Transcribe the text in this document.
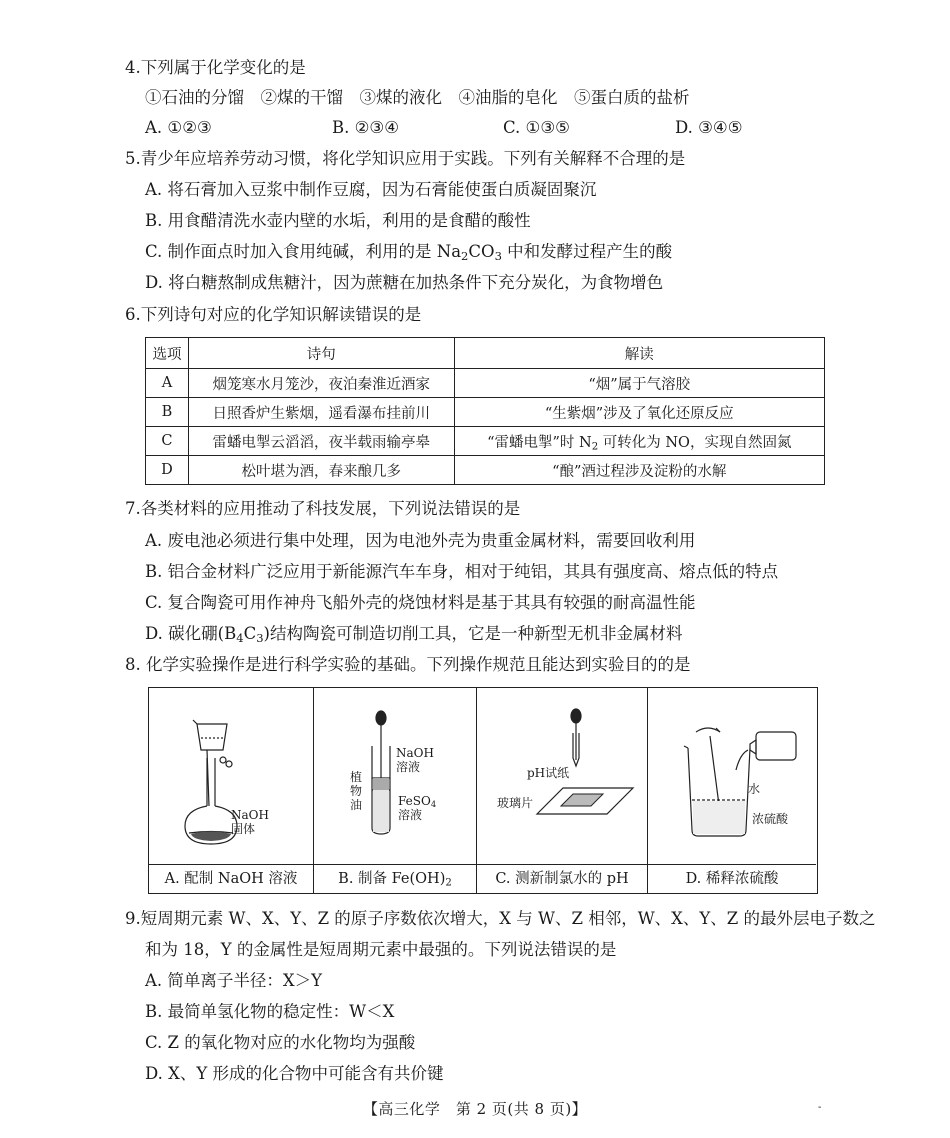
4.下列属于化学变化的是
①石油的分馏　②煤的干馏　③煤的液化　④油脂的皂化　⑤蛋白质的盐析
A. ①②③	B. ②③④	C. ①③⑤	D. ③④⑤
5.青少年应培养劳动习惯，将化学知识应用于实践。下列有关解释不合理的是
A. 将石膏加入豆浆中制作豆腐，因为石膏能使蛋白质凝固聚沉
B. 用食醋清洗水壶内壁的水垢，利用的是食醋的酸性
C. 制作面点时加入食用纯碱，利用的是 $Na_2CO_3$ 中和发酵过程产生的酸
D. 将白糖熬制成焦糖汁，因为蔗糖在加热条件下充分炭化，为食物增色
6.下列诗句对应的化学知识解读错误的是
选项	诗句	解读
A	烟笼寒水月笼沙，夜泊秦淮近酒家	“烟”属于气溶胶
B	日照香炉生紫烟，遥看瀑布挂前川	“生紫烟”涉及了氧化还原反应
C	雷蟠电掣云滔滔，夜半载雨输亭皋	“雷蟠电掣”时 $N_2$ 可转化为 NO，实现自然固氮
D	松叶堪为酒，春来酿几多	“酿”酒过程涉及淀粉的水解
7.各类材料的应用推动了科技发展，下列说法错误的是
A. 废电池必须进行集中处理，因为电池外壳为贵重金属材料，需要回收利用
B. 铝合金材料广泛应用于新能源汽车车身，相对于纯铝，其具有强度高、熔点低的特点
C. 复合陶瓷可用作神舟飞船外壳的烧蚀材料是基于其具有较强的耐高温性能
D. 碳化硼$(B_4C_3)$结构陶瓷可制造切削工具，它是一种新型无机非金属材料
8. 化学实验操作是进行科学实验的基础。下列操作规范且能达到实验目的的是
NaOH
固体
A. 配制 NaOH 溶液
NaOH
溶液
植
物
油	FeSO$_4$
溶液
B. 制备 $Fe(OH)_2$
pH试纸
玻璃片
C. 测新制氯水的 pH
水
浓硫酸
D. 稀释浓硫酸
9.短周期元素 W、X、Y、Z 的原子序数依次增大，X 与 W、Z 相邻，W、X、Y、Z 的最外层电子数之
和为 18，Y 的金属性是短周期元素中最强的。下列说法错误的是
A. 简单离子半径：X＞Y
B. 最简单氢化物的稳定性：W＜X
C. Z 的氧化物对应的水化物均为强酸
D. X、Y 形成的化合物中可能含有共价键
【高三化学　第 2 页(共 8 页)】	-
